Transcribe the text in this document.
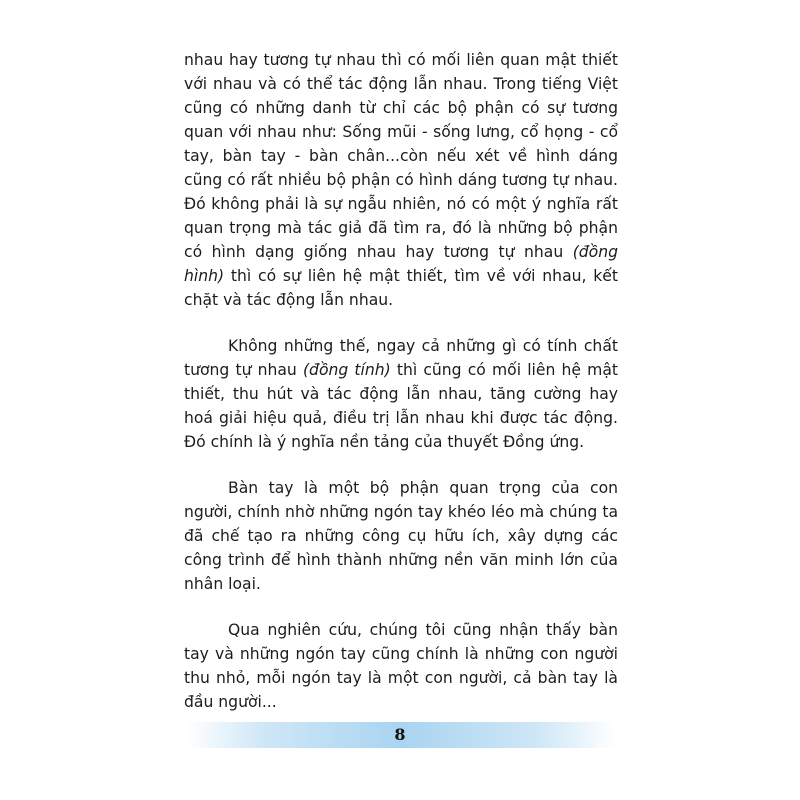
nhau hay tương tự nhau thì có mối liên quan mật thiết với nhau và có thể tác động lẫn nhau. Trong tiếng Việt cũng có những danh từ chỉ các bộ phận có sự tương quan với nhau như: Sống mũi - sống lưng, cổ họng - cổ tay, bàn tay - bàn chân...còn nếu xét về hình dáng cũng có rất nhiều bộ phận có hình dáng tương tự nhau. Đó không phải là sự ngẫu nhiên, nó có một ý nghĩa rất quan trọng mà tác giả đã tìm ra, đó là những bộ phận có hình dạng giống nhau hay tương tự nhau (đồng hình) thì có sự liên hệ mật thiết, tìm về với nhau, kết chặt và tác động lẫn nhau.

Không những thế, ngay cả những gì có tính chất tương tự nhau (đồng tính) thì cũng có mối liên hệ mật thiết, thu hút và tác động lẫn nhau, tăng cường hay hoá giải hiệu quả, điều trị lẫn nhau khi được tác động. Đó chính là ý nghĩa nền tảng của thuyết Đồng ứng.

Bàn tay là một bộ phận quan trọng của con người, chính nhờ những ngón tay khéo léo mà chúng ta đã chế tạo ra những công cụ hữu ích, xây dựng các công trình để hình thành những nền văn minh lớn của nhân loại.

Qua nghiên cứu, chúng tôi cũng nhận thấy bàn tay và những ngón tay cũng chính là những con người thu nhỏ, mỗi ngón tay là một con người, cả bàn tay là đầu người...

8
